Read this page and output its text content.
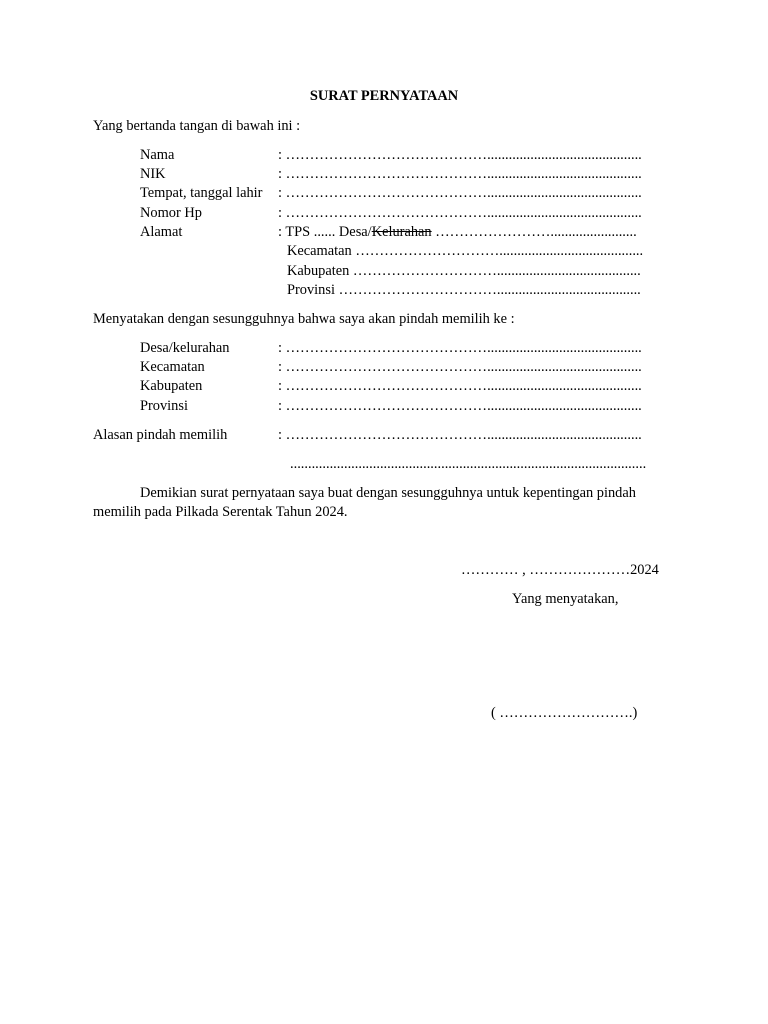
SURAT PERNYATAAN
Yang bertanda tangan di bawah ini :
Nama	: ……………………………………...........................................
NIK	: ……………………………………...........................................
Tempat, tanggal lahir : ……………………………………...........................................
Nomor Hp	: ……………………………………...........................................
Alamat	: TPS ...... Desa/Kelurahan ……………………........................
Kecamatan …………………………........................................
Kabupaten …………………………........................................
Provinsi ……………………………........................................
Menyatakan dengan sesungguhnya bahwa saya akan pindah memilih ke :
Desa/kelurahan	: ……………………………………...........................................
Kecamatan	: ……………………………………...........................................
Kabupaten	: ……………………………………...........................................
Provinsi	: ……………………………………...........................................
Alasan pindah memilih	: ……………………………………...........................................
...................................................................................................
Demikian surat pernyataan saya buat dengan sesungguhnya untuk kepentingan pindah
memilih pada Pilkada Serentak Tahun 2024.
………… , …………………2024
Yang menyatakan,
( ……………………….)
